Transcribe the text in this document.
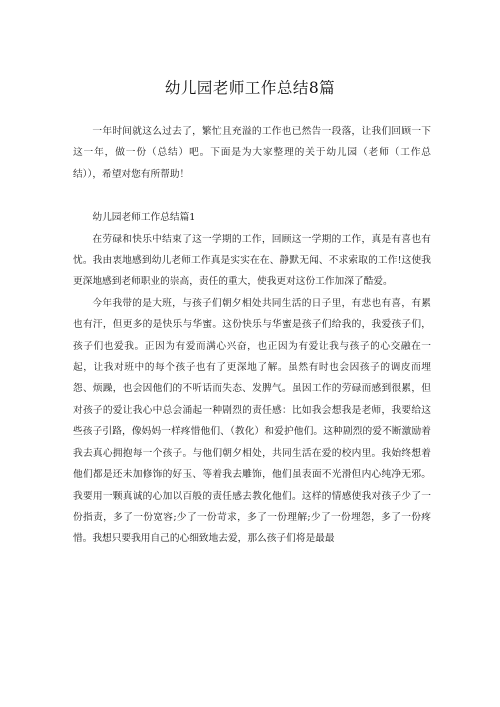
幼儿园老师工作总结8篇

一年时间就这么过去了，繁忙且充溢的工作也已然告一段落，让我们回顾一下这一年，做一份（总结）吧。下面是为大家整理的关于幼儿园（老师（工作总结）），希望对您有所帮助！

幼儿园老师工作总结篇1

在劳碌和快乐中结束了这一学期的工作，回顾这一学期的工作，真是有喜也有忧。我由衷地感到幼儿老师工作真是实实在在、静默无闻、不求索取的工作!这使我更深地感到老师职业的崇高，责任的重大，使我更对这份工作加深了酷爱。

今年我带的是大班，与孩子们朝夕相处共同生活的日子里，有悲也有喜，有累也有汗，但更多的是快乐与华蜜。这份快乐与华蜜是孩子们给我的，我爱孩子们，孩子们也爱我。正因为有爱而满心兴奋，也正因为有爱让我与孩子的心交融在一起，让我对班中的每个孩子也有了更深地了解。虽然有时也会因孩子的调皮而埋怨、烦躁，也会因他们的不听话而失态、发脾气。虽因工作的劳碌而感到很累，但对孩子的爱让我心中总会涌起一种剧烈的责任感：比如我会想我是老师，我要给这些孩子引路，像妈妈一样疼惜他们、（教化）和爱护他们。这种剧烈的爱不断激励着我去真心拥抱每一个孩子。与他们朝夕相处，共同生活在爱的校内里。我始终想着他们都是还未加修饰的好玉、等着我去雕饰，他们虽表面不光滑但内心纯净无邪。我要用一颗真诚的心加以百般的责任感去教化他们。这样的情感使我对孩子少了一份指责，多了一份宽容;少了一份苛求，多了一份理解;少了一份埋怨，多了一份疼惜。我想只要我用自己的心细致地去爱，那么孩子们将是最最
